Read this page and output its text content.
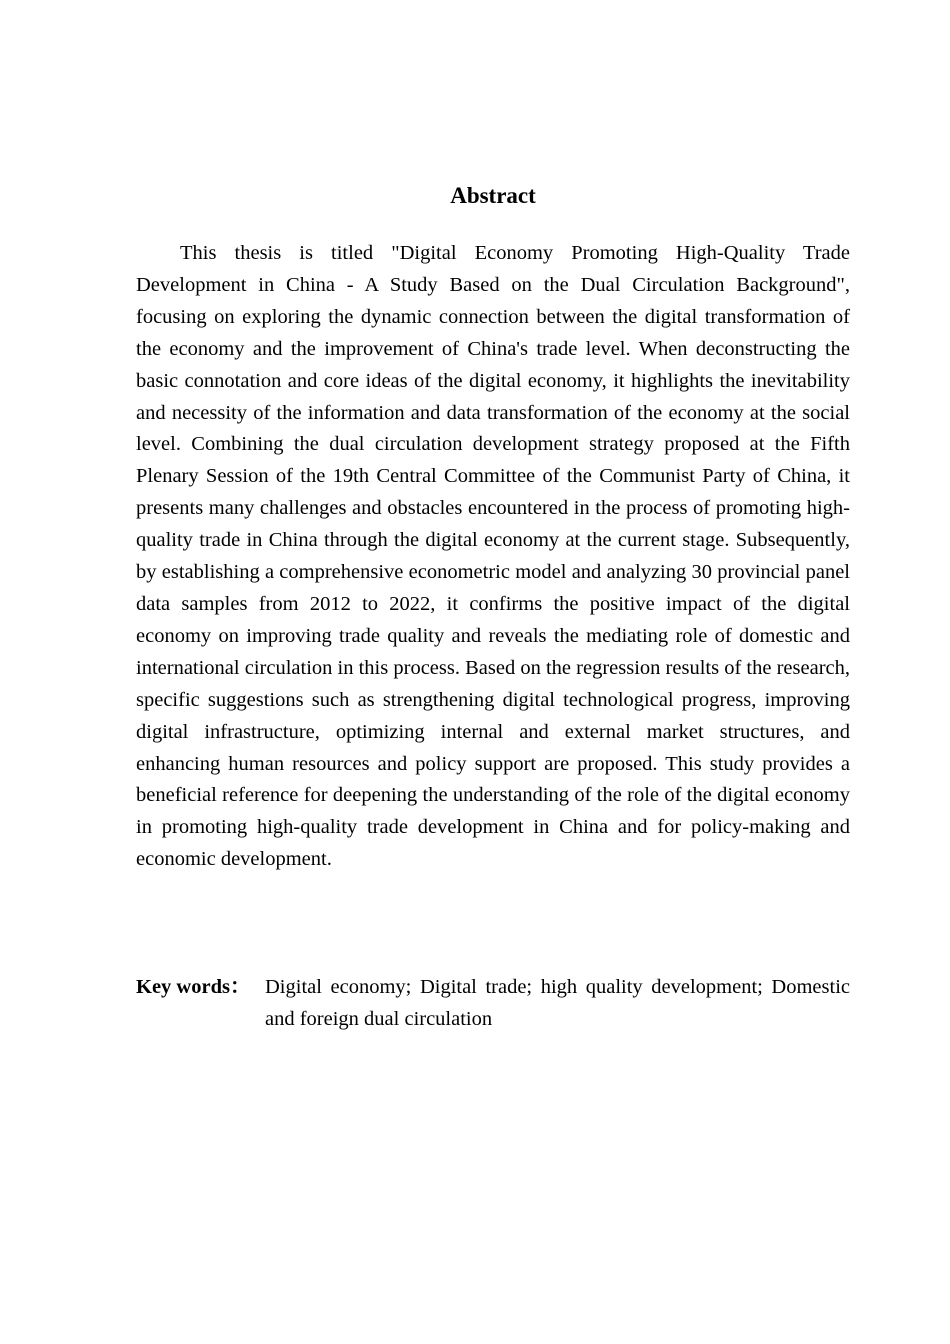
Abstract

This thesis is titled "Digital Economy Promoting High-Quality Trade Development in China - A Study Based on the Dual Circulation Background", focusing on exploring the dynamic connection between the digital transformation of the economy and the improvement of China's trade level. When deconstructing the basic connotation and core ideas of the digital economy, it highlights the inevitability and necessity of the information and data transformation of the economy at the social level. Combining the dual circulation development strategy proposed at the Fifth Plenary Session of the 19th Central Committee of the Communist Party of China, it presents many challenges and obstacles encountered in the process of promoting high-quality trade in China through the digital economy at the current stage. Subsequently, by establishing a comprehensive econometric model and analyzing 30 provincial panel data samples from 2012 to 2022, it confirms the positive impact of the digital economy on improving trade quality and reveals the mediating role of domestic and international circulation in this process. Based on the regression results of the research, specific suggestions such as strengthening digital technological progress, improving digital infrastructure, optimizing internal and external market structures, and enhancing human resources and policy support are proposed. This study provides a beneficial reference for deepening the understanding of the role of the digital economy in promoting high-quality trade development in China and for policy-making and economic development.

Key words： Digital economy; Digital trade; high quality development; Domestic and foreign dual circulation
